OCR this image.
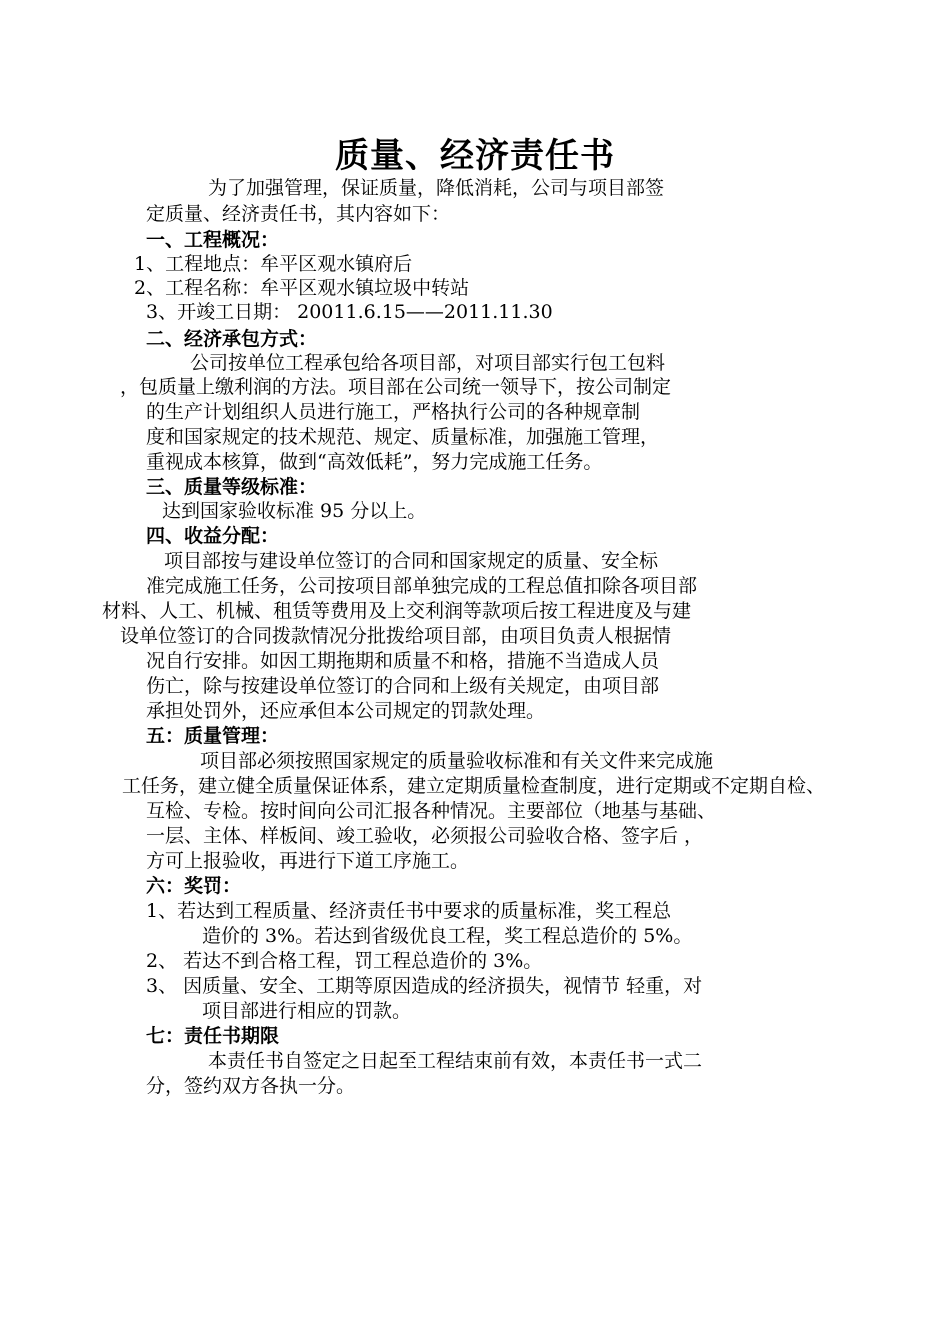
质量、经济责任书
为了加强管理，保证质量，降低消耗，公司与项目部签
定质量、经济责任书，其内容如下：
一、工程概况：
1、工程地点：牟平区观水镇府后
2、工程名称：牟平区观水镇垃圾中转站
3、开竣工日期： 20011.6.15——2011.11.30
二、经济承包方式：
公司按单位工程承包给各项目部，对项目部实行包工包料
，包质量上缴利润的方法。项目部在公司统一领导下，按公司制定
的生产计划组织人员进行施工，严格执行公司的各种规章制
度和国家规定的技术规范、规定、质量标准，加强施工管理，
重视成本核算，做到“高效低耗”，努力完成施工任务。
三、质量等级标准：
达到国家验收标准 95 分以上。
四、收益分配：
项目部按与建设单位签订的合同和国家规定的质量、安全标
准完成施工任务，公司按项目部单独完成的工程总值扣除各项目部
材料、人工、机械、租赁等费用及上交利润等款项后按工程进度及与建
设单位签订的合同拨款情况分批拨给项目部，由项目负责人根据情
况自行安排。如因工期拖期和质量不和格，措施不当造成人员
伤亡，除与按建设单位签订的合同和上级有关规定，由项目部
承担处罚外，还应承但本公司规定的罚款处理。
五：质量管理：
项目部必须按照国家规定的质量验收标准和有关文件来完成施
工任务，建立健全质量保证体系，建立定期质量检查制度，进行定期或不定期自检、
互检、专检。按时间向公司汇报各种情况。主要部位（地基与基础、
一层、主体、样板间、竣工验收，必须报公司验收合格、签字后 ，
方可上报验收，再进行下道工序施工。
六：奖罚：
1、若达到工程质量、经济责任书中要求的质量标准，奖工程总
造价的 3%。若达到省级优良工程，奖工程总造价的 5%。
2、 若达不到合格工程，罚工程总造价的 3%。
3、 因质量、安全、工期等原因造成的经济损失，视情节 轻重，对
项目部进行相应的罚款。
七：责任书期限
本责任书自签定之日起至工程结束前有效，本责任书一式二
分，签约双方各执一分。
